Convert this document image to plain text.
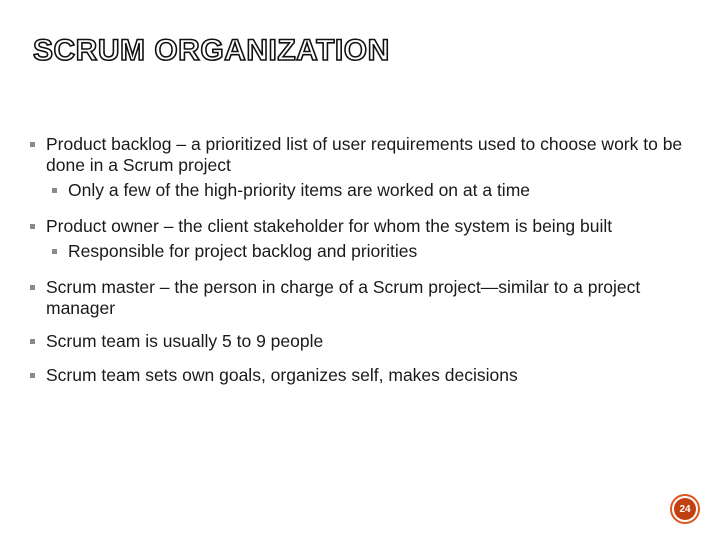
SCRUM ORGANIZATION
Product backlog – a prioritized list of user requirements used to choose work to be done in a Scrum project
Only a few of the high-priority items are worked on at a time
Product owner – the client stakeholder for whom the system is being built
Responsible for project backlog and priorities
Scrum master – the person in charge of a Scrum project—similar to a project manager
Scrum team is usually 5 to 9 people
Scrum team sets own goals, organizes self, makes decisions
24
